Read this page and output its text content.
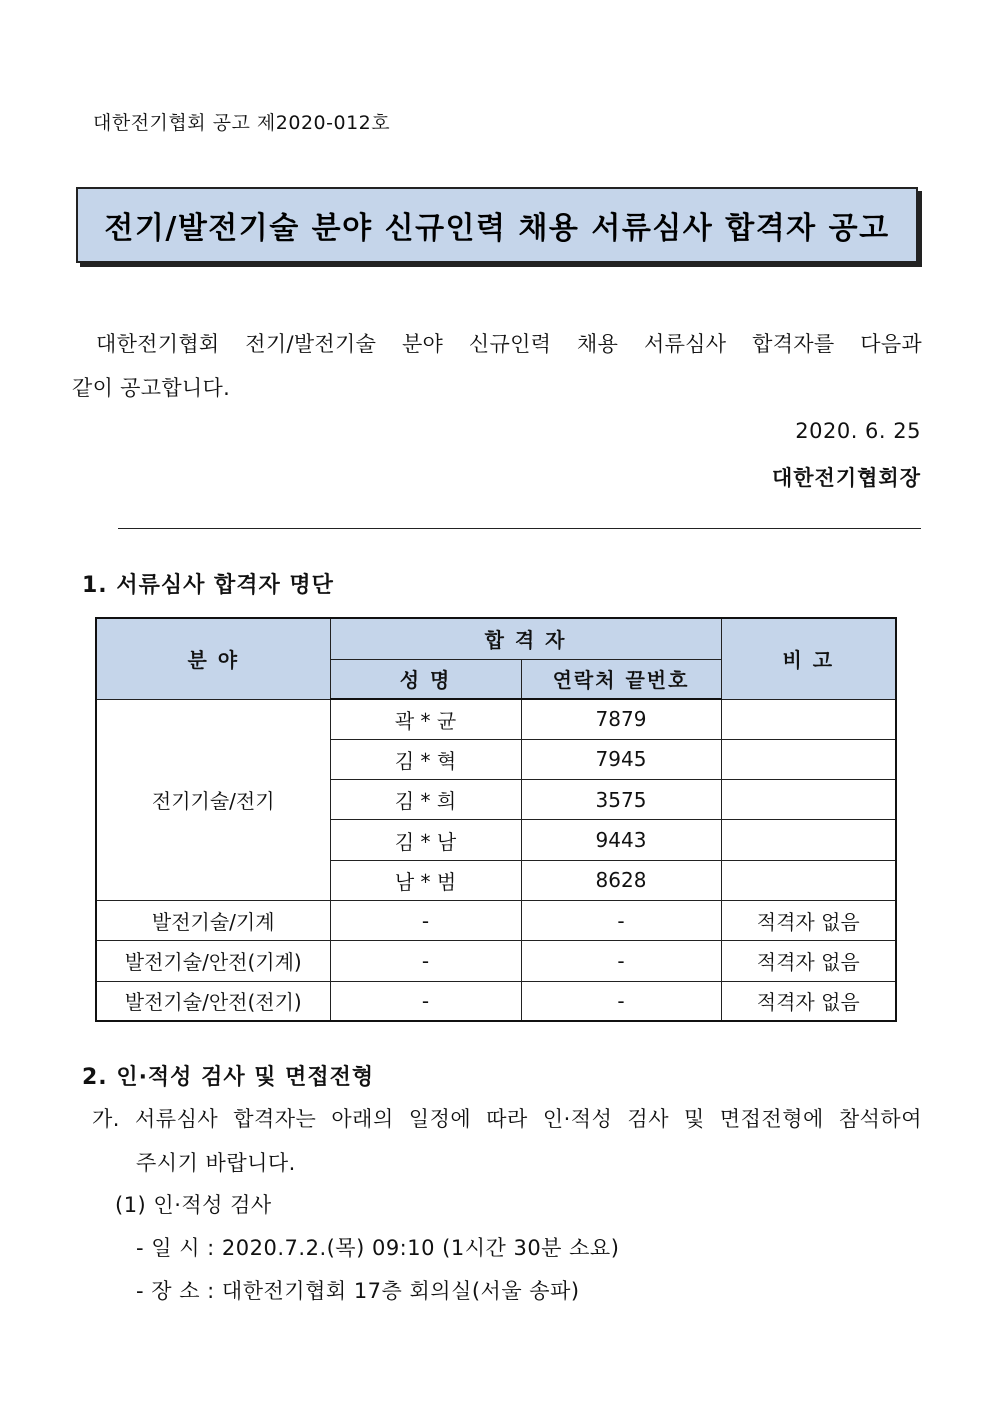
대한전기협회 공고 제2020-012호
전기/발전기술 분야 신규인력 채용 서류심사 합격자 공고
대한전기협회 전기/발전기술 분야 신규인력 채용 서류심사 합격자를 다음과
같이 공고합니다.
2020. 6. 25
대한전기협회장
1. 서류심사 합격자 명단
분 야	합 격 자		비 고
	성 명	연락처 끝번호	
전기기술/전기	곽 * 균	7879	
	김 * 혁	7945	
	김 * 희	3575	
	김 * 남	9443	
	남 * 범	8628	
발전기술/기계	-	-	적격자 없음
발전기술/안전(기계)	-	-	적격자 없음
발전기술/안전(전기)	-	-	적격자 없음
2. 인·적성 검사 및 면접전형
가. 서류심사 합격자는 아래의 일정에 따라 인·적성 검사 및 면접전형에 참석하여
주시기 바랍니다.
(1) 인·적성 검사
- 일 시 : 2020.7.2.(목) 09:10 (1시간 30분 소요)
- 장 소 : 대한전기협회 17층 회의실(서울 송파)
